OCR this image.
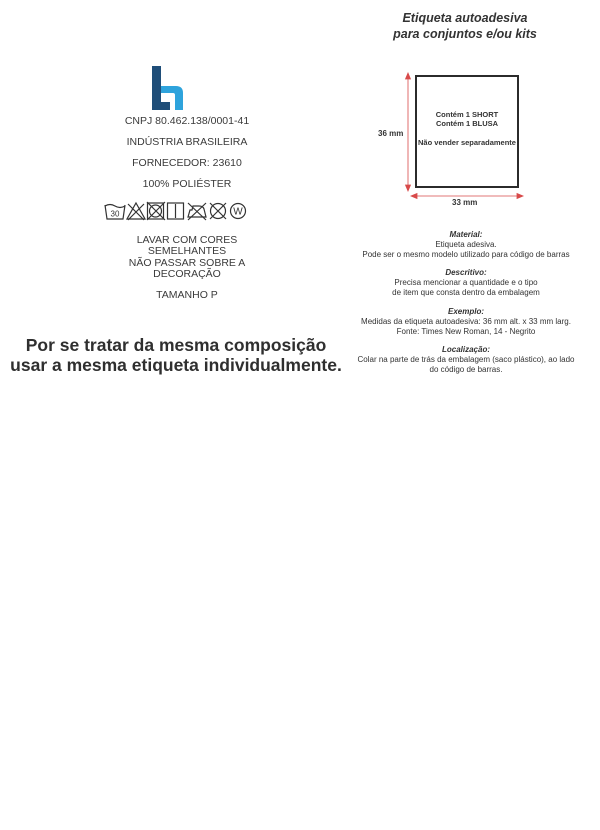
CNPJ 80.462.138/0001-41
INDÚSTRIA BRASILEIRA
FORNECEDOR: 23610
100% POLIÉSTER
30	W
LAVAR COM CORES
SEMELHANTES
NÃO PASSAR SOBRE A
DECORAÇÃO
TAMANHO P
Por se tratar da mesma composição
usar a mesma etiqueta individualmente.
Etiqueta autoadesiva
para conjuntos e/ou kits
36 mm
33 mm
Contém 1 SHORT
Contém 1 BLUSA
Não vender separadamente
Material:
Etiqueta adesiva.
Pode ser o mesmo modelo utilizado para código de barras
Descritivo:
Precisa mencionar a quantidade e o tipo
de item que consta dentro da embalagem
Exemplo:
Medidas da etiqueta autoadesiva: 36 mm alt. x 33 mm larg.
Fonte: Times New Roman, 14 - Negrito
Localização:
Colar na parte de trás da embalagem (saco plástico), ao lado
do código de barras.
